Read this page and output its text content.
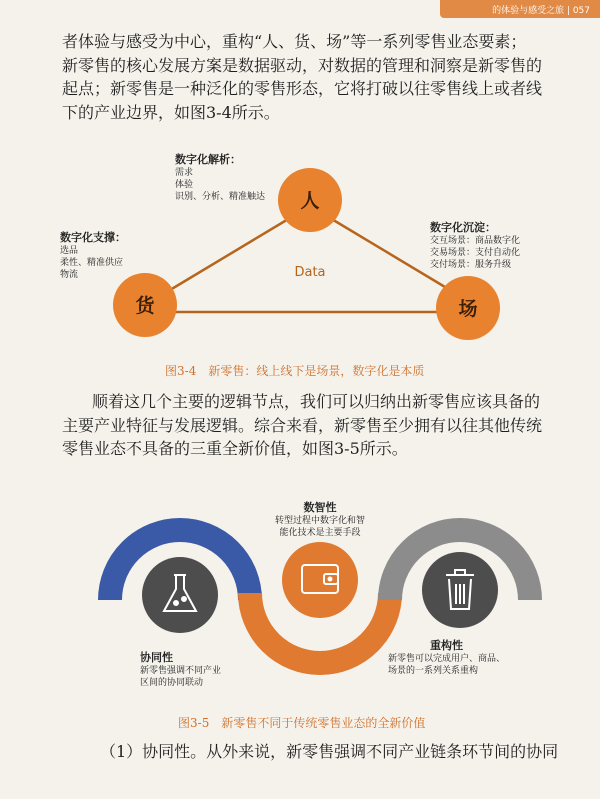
的体验与感受之旅 | 057
者体验与感受为中心，重构“人、货、场”等一系列零售业态要素；
新零售的核心发展方案是数据驱动，对数据的管理和洞察是新零售的
起点；新零售是一种泛化的零售形态，它将打破以往零售线上或者线
下的产业边界，如图3-4所示。
Data
人
货	场
数字化解析：
需求
体验
识别、分析、精准触达
数字化支撑：
选品
柔性、精准供应
物流
数字化沉淀：
交互场景：商品数字化
交易场景：支付自动化
交付场景：服务升级
图3-4　新零售：线上线下是场景，数字化是本质
顺着这几个主要的逻辑节点，我们可以归纳出新零售应该具备的
主要产业特征与发展逻辑。综合来看，新零售至少拥有以往其他传统
零售业态不具备的三重全新价值，如图3-5所示。
数智性
转型过程中数字化和智
能化技术是主要手段
协同性
新零售强调不同产业
区间的协同联动
重构性
新零售可以完成用户、商品、
场景的一系列关系重构
图3-5　新零售不同于传统零售业态的全新价值
（1）协同性。从外来说，新零售强调不同产业链条环节间的协同
